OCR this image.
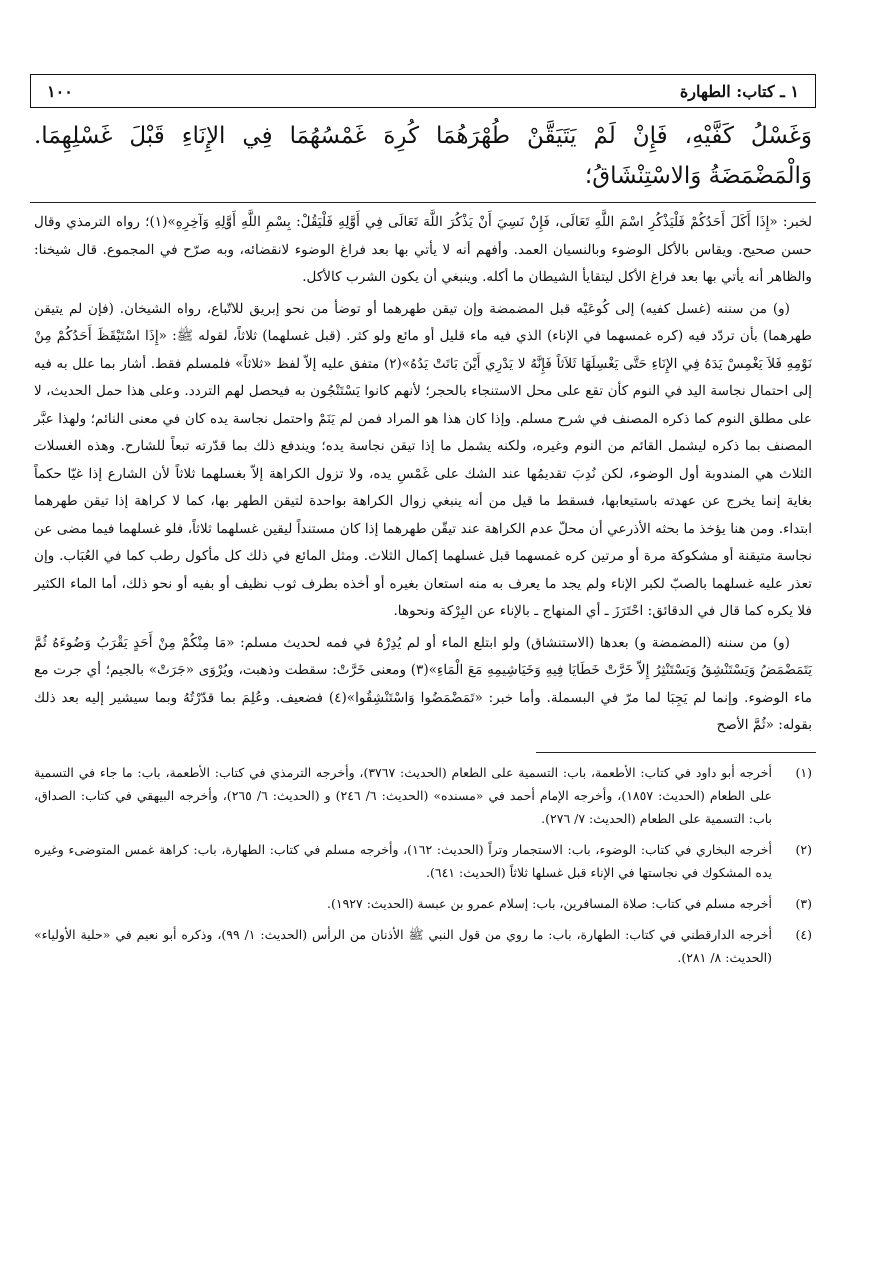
١ ـ كتاب: الطهارة
١٠٠
وَغَسْلُ كَفَّيْهِ، فَإِنْ لَمْ يَتَيَقَّنْ طُهْرَهُمَا كُرِهَ غَمْسُهُمَا فِي الإِنَاءِ قَبْلَ غَسْلِهِمَا. وَالْمَضْمَضَةُ وَالاسْتِنْشَاقُ؛

لخبر: «إِذَا أَكَلَ أَحَدُكُمْ فَلْيَذْكُرِ اسْمَ اللَّهِ تَعَالَى، فَإِنْ نَسِيَ أَنْ يَذْكُرَ اللَّهَ تَعَالَى فِي أَوَّلِهِ فَلْيَقُلْ: بِسْمِ اللَّهِ أَوَّلِهِ وَآخِرِهِ»(١)؛ رواه الترمذي وقال حسن صحيح. ويقاس بالأكل الوضوء وبالنسيان العمد. وأفهم أنه لا يأتي بها بعد فراغ الوضوء لانقضائه، وبه صرّح في المجموع. قال شيخنا: والظاهر أنه يأتي بها بعد فراغ الأكل ليتقايأ الشيطان ما أكله. وينبغي أن يكون الشرب كالأكل.

(و) من سننه (غسل كفيه) إلى كُوعَيْه قبل المضمضة وإن تيقن طهرهما أو توضأ من نحو إبريق للاتّباع، رواه الشيخان. (فإن لم يتيقن طهرهما) بأن تردّد فيه (كره غمسهما في الإناء) الذي فيه ماء قليل أو مائع ولو كثر. (قبل غسلهما) ثلاثاً، لقوله ﷺ: «إِذَا اسْتَيْقَظَ أَحَدُكُمْ مِنْ نَوْمِهِ فَلاَ يَغْمِسْ يَدَهُ فِي الإِنَاءِ حَتَّى يَغْسِلَهَا ثَلاَثاً فَإِنَّهُ لا يَدْرِي أَيْنَ بَاتَتْ يَدُهُ»(٢) متفق عليه إلاّ لفظ «ثلاثاً» فلمسلم فقط. أشار بما علل به فيه إلى احتمال نجاسة اليد في النوم كأن تقع على محل الاستنجاء بالحجر؛ لأنهم كانوا يَسْتَنْجُون به فيحصل لهم التردد. وعلى هذا حمل الحديث، لا على مطلق النوم كما ذكره المصنف في شرح مسلم. وإذا كان هذا هو المراد فمن لم يَنَمْ واحتمل نجاسة يده كان في معنى النائم؛ ولهذا عبَّر المصنف بما ذكره ليشمل القائم من النوم وغيره، ولكنه يشمل ما إذا تيقن نجاسة يده؛ ويندفع ذلك بما قدّرته تبعاً للشارح. وهذه الغسلات الثلاث هي المندوبة أول الوضوء، لكن نُدِبَ تقديمُها عند الشك على غَمْسِ يده، ولا تزول الكراهة إلاّ بغسلهما ثلاثاً لأن الشارع إذا غيّا حكماً بغاية إنما يخرج عن عهدته باستيعابها، فسقط ما قيل من أنه ينبغي زوال الكراهة بواحدة لتيقن الطهر بها، كما لا كراهة إذا تيقن طهرهما ابتداء. ومن هنا يؤخذ ما بحثه الأذرعي أن محلّ عدم الكراهة عند تيقّن طهرهما إذا كان مستنداً ليقين غسلهما ثلاثاً، فلو غسلهما فيما مضى عن نجاسة متيقنة أو مشكوكة مرة أو مرتين كره غمسهما قبل غسلهما إكمال الثلاث. ومثل المائع في ذلك كل مأكول رطب كما في العُبَاب. وإن تعذر عليه غسلهما بالصبّ لكبر الإناء ولم يجد ما يعرف به منه استعان بغيره أو أخذه بطرف ثوب نظيف أو بفيه أو نحو ذلك، أما الماء الكثير فلا يكره كما قال في الدقائق: احْتَرَزَ ـ أي المنهاج ـ بالإناء عن البِرْكة ونحوها.

(و) من سننه (المضمضة و) بعدها (الاستنشاق) ولو ابتلع الماء أو لم يُدِرْهُ في فمه لحديث مسلم: «مَا مِنْكُمْ مِنْ أَحَدٍ يَقْرَبُ وَضُوءَهُ ثُمَّ يَتَمَضْمَضُ وَيَسْتَنْشِقُ وَيَسْتَنْثِرُ إِلاّ خَرَّتْ خَطَايَا فِيهِ وَخَيَاشِيمِهِ مَعَ الْمَاءِ»(٣) ومعنى خَرَّتْ: سقطت وذهبت، ويُرْوَى «جَرَتْ» بالجيم؛ أي جرت مع ماء الوضوء. وإنما لم يَجِبَا لما مرّ في البسملة. وأما خبر: «تَمَضْمَضُوا وَاسْتَنْشِقُوا»(٤) فضعيف. وعُلِمَ بما قدّرْتُهُ وبما سيشير إليه بعد ذلك بقوله: «ثُمَّ الأصح

(١)
أخرجه أبو داود في كتاب: الأطعمة، باب: التسمية على الطعام (الحديث: ٣٧٦٧)، وأخرجه الترمذي في كتاب: الأطعمة، باب: ما جاء في التسمية على الطعام (الحديث: ١٨٥٧)، وأخرجه الإمام أحمد في «مسنده» (الحديث: ٦/ ٢٤٦) و (الحديث: ٦/ ٢٦٥)، وأخرجه البيهقي في كتاب: الصداق، باب: التسمية على الطعام (الحديث: ٧/ ٢٧٦).
(٢)
أخرجه البخاري في كتاب: الوضوء، باب: الاستجمار وتراً (الحديث: ١٦٢)، وأخرجه مسلم في كتاب: الطهارة، باب: كراهة غمس المتوضىء وغيره يده المشكوك في نجاستها في الإناء قبل غسلها ثلاثاً (الحديث: ٦٤١).
(٣)
أخرجه مسلم في كتاب: صلاة المسافرين، باب: إسلام عمرو بن عبسة (الحديث: ١٩٢٧).
(٤)
أخرجه الدارقطني في كتاب: الطهارة، باب: ما روي من قول النبي ﷺ الأذنان من الرأس (الحديث: ١/ ٩٩)، وذكره أبو نعيم في «حلية الأولياء» (الحديث: ٨/ ٢٨١).
